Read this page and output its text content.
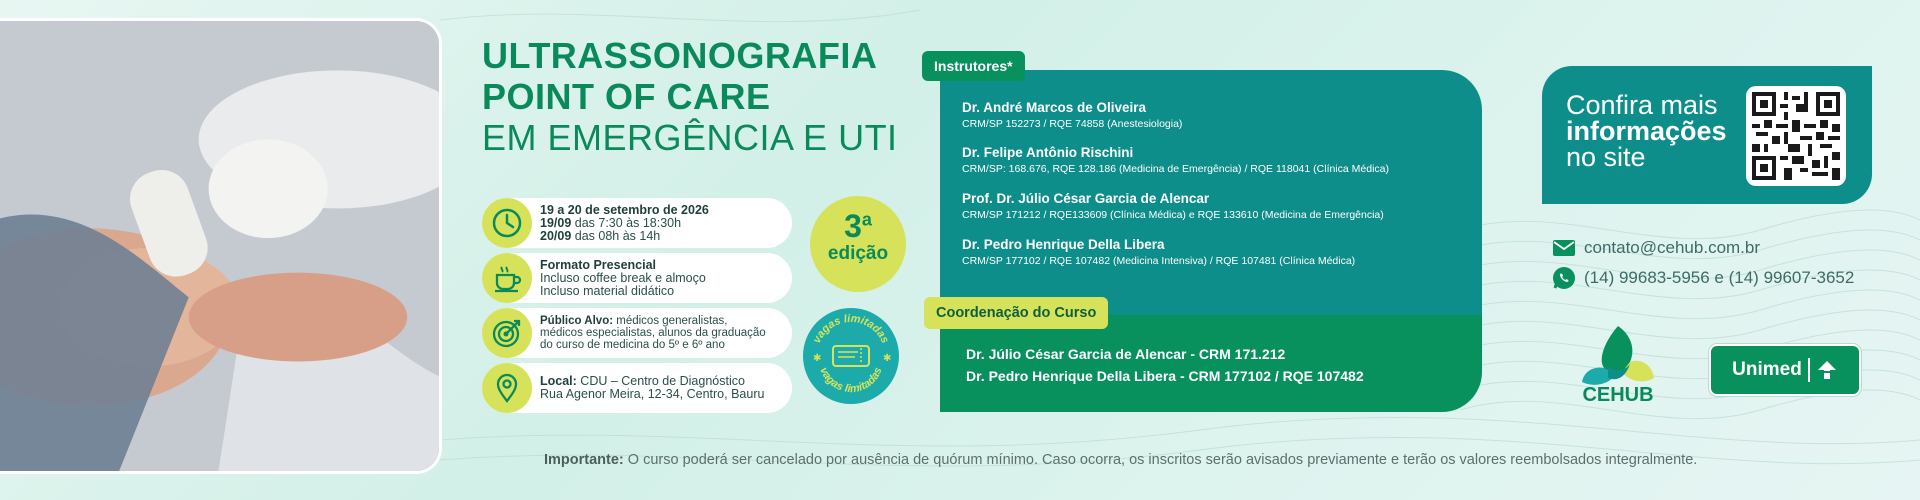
ULTRASSONOGRAFIA
POINT OF CARE
EM EMERGÊNCIA E UTI
19 a 20 de setembro de 2026
19/09 das 7:30 às 18:30h
20/09 das 08h às 14h
Formato Presencial
Incluso coffee break e almoço
Incluso material didático
Público Alvo: médicos generalistas,
médicos especialistas, alunos da graduação
do curso de medicina do 5º e 6º ano
Local: CDU – Centro de Diagnóstico
Rua Agenor Meira, 12-34, Centro, Bauru
3$^a$
edição
vagas limitadas
vagas limitadas
✱	✱
Instrutores*
Coordenação do Curso
Dr. André Marcos de Oliveira
CRM/SP 152273 / RQE 74858 (Anestesiologia)
Dr. Felipe Antônio Rischini
CRM/SP: 168.676, RQE 128.186 (Medicina de Emergência) / RQE 118041 (Clínica Médica)
Prof. Dr. Júlio César Garcia de Alencar
CRM/SP 171212 / RQE133609 (Clínica Médica) e RQE 133610 (Medicina de Emergência)
Dr. Pedro Henrique Della Libera
CRM/SP 177102 / RQE 107482 (Medicina Intensiva) / RQE 107481 (Clínica Médica)
Dr. Júlio César Garcia de Alencar - CRM 171.212
Dr. Pedro Henrique Della Libera - CRM 177102 / RQE 107482
Confira mais
informações
no site
contato@cehub.com.br
(14) 99683-5956 e (14) 99607-3652
CEHUB
Unimed
Importante: O curso poderá ser cancelado por ausência de quórum mínimo. Caso ocorra, os inscritos serão avisados previamente e terão os valores reembolsados integralmente.
